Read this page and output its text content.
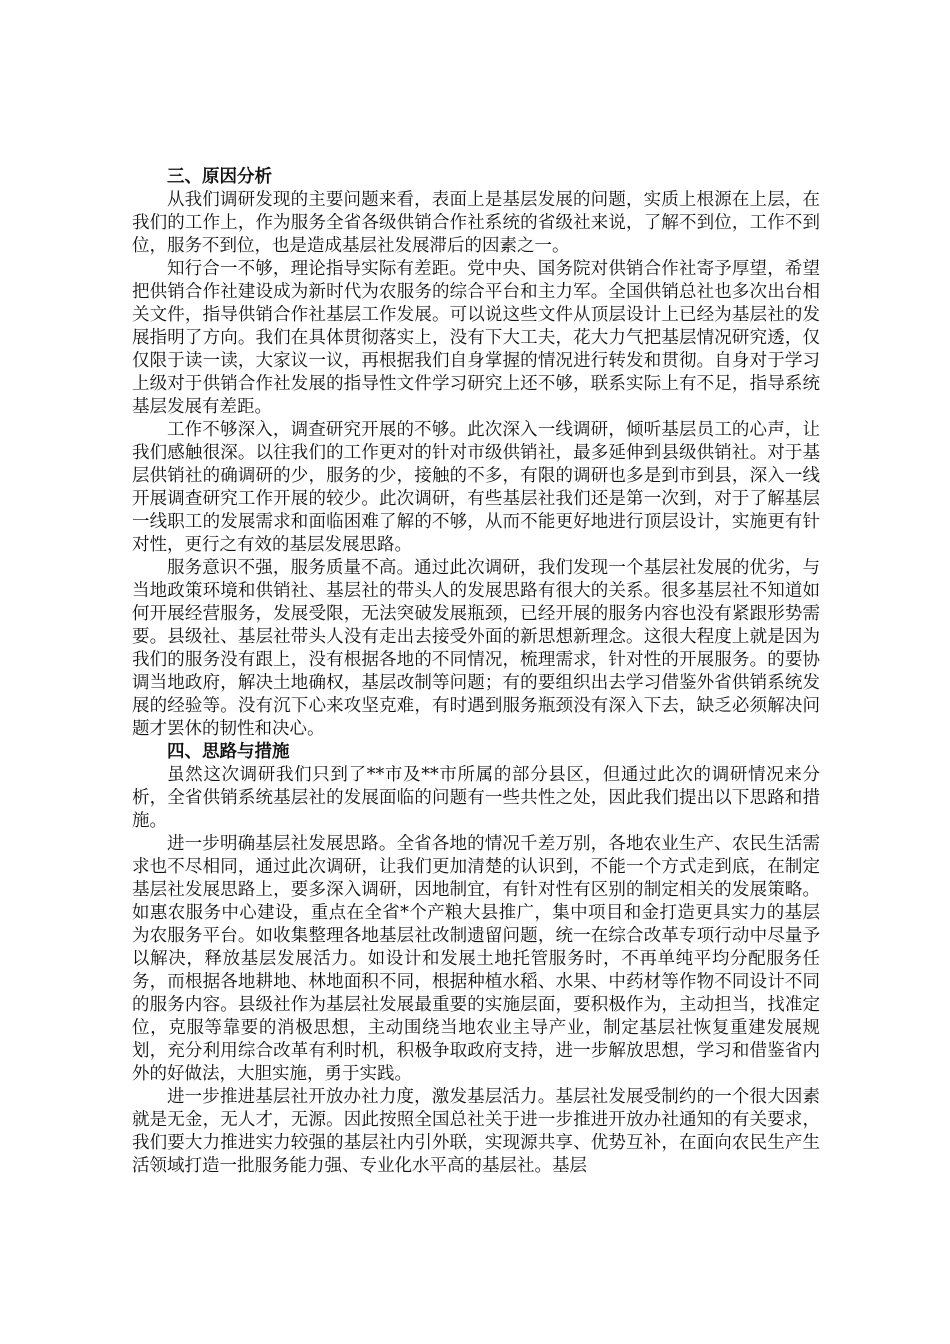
三、原因分析

从我们调研发现的主要问题来看，表面上是基层发展的问题，实质上根源在上层，在我们的工作上，作为服务全省各级供销合作社系统的省级社来说，了解不到位，工作不到位，服务不到位，也是造成基层社发展滞后的因素之一。

知行合一不够，理论指导实际有差距。党中央、国务院对供销合作社寄予厚望，希望把供销合作社建设成为新时代为农服务的综合平台和主力军。全国供销总社也多次出台相关文件，指导供销合作社基层工作发展。可以说这些文件从顶层设计上已经为基层社的发展指明了方向。我们在具体贯彻落实上，没有下大工夫，花大力气把基层情况研究透，仅仅限于读一读，大家议一议，再根据我们自身掌握的情况进行转发和贯彻。自身对于学习上级对于供销合作社发展的指导性文件学习研究上还不够，联系实际上有不足，指导系统基层发展有差距。

工作不够深入，调查研究开展的不够。此次深入一线调研，倾听基层员工的心声，让我们感触很深。以往我们的工作更对的针对市级供销社，最多延伸到县级供销社。对于基层供销社的确调研的少，服务的少，接触的不多，有限的调研也多是到市到县，深入一线开展调查研究工作开展的较少。此次调研，有些基层社我们还是第一次到，对于了解基层一线职工的发展需求和面临困难了解的不够，从而不能更好地进行顶层设计，实施更有针对性，更行之有效的基层发展思路。

服务意识不强，服务质量不高。通过此次调研，我们发现一个基层社发展的优劣，与当地政策环境和供销社、基层社的带头人的发展思路有很大的关系。很多基层社不知道如何开展经营服务，发展受限，无法突破发展瓶颈，已经开展的服务内容也没有紧跟形势需要。县级社、基层社带头人没有走出去接受外面的新思想新理念。这很大程度上就是因为我们的服务没有跟上，没有根据各地的不同情况，梳理需求，针对性的开展服务。的要协调当地政府，解决土地确权，基层改制等问题；有的要组织出去学习借鉴外省供销系统发展的经验等。没有沉下心来攻坚克难，有时遇到服务瓶颈没有深入下去，缺乏必须解决问题才罢休的韧性和决心。

四、思路与措施

虽然这次调研我们只到了**市及**市所属的部分县区，但通过此次的调研情况来分析，全省供销系统基层社的发展面临的问题有一些共性之处，因此我们提出以下思路和措施。

进一步明确基层社发展思路。全省各地的情况千差万别，各地农业生产、农民生活需求也不尽相同，通过此次调研，让我们更加清楚的认识到，不能一个方式走到底，在制定基层社发展思路上，要多深入调研，因地制宜，有针对性有区别的制定相关的发展策略。如惠农服务中心建设，重点在全省*个产粮大县推广，集中项目和金打造更具实力的基层为农服务平台。如收集整理各地基层社改制遗留问题，统一在综合改革专项行动中尽量予以解决，释放基层发展活力。如设计和发展土地托管服务时，不再单纯平均分配服务任务，而根据各地耕地、林地面积不同，根据种植水稻、水果、中药材等作物不同设计不同的服务内容。县级社作为基层社发展最重要的实施层面，要积极作为，主动担当，找准定位，克服等靠要的消极思想，主动围绕当地农业主导产业，制定基层社恢复重建发展规划，充分利用综合改革有利时机，积极争取政府支持，进一步解放思想，学习和借鉴省内外的好做法，大胆实施，勇于实践。

进一步推进基层社开放办社力度，激发基层活力。基层社发展受制约的一个很大因素就是无金，无人才，无源。因此按照全国总社关于进一步推进开放办社通知的有关要求，我们要大力推进实力较强的基层社内引外联，实现源共享、优势互补，在面向农民生产生活领域打造一批服务能力强、专业化水平高的基层社。基层
